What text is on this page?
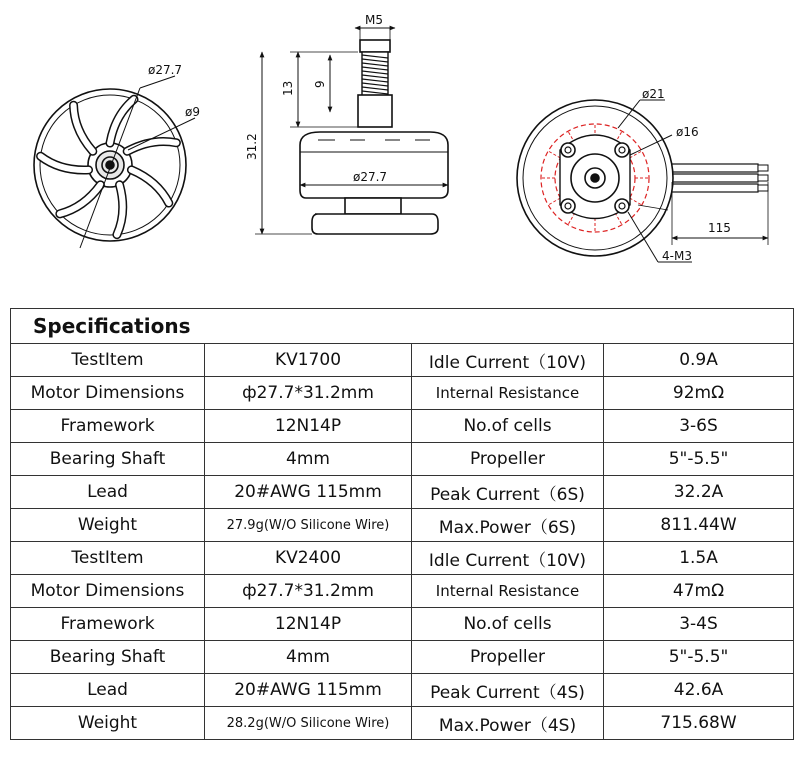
ø27.7
ø9
M5
13 9
31.2
ø27.7
ø21
ø16
115
4-M3
Specifications			
TestItem	KV1700	Idle Current（10V)	0.9A
Motor Dimensions	ф27.7*31.2mm	Internal Resistance	92mΩ
Framework	12N14P	No.of cells	3-6S
Bearing Shaft	4mm	Propeller	5"-5.5"
Lead	20#AWG 115mm	Peak Current（6S)	32.2A
Weight	27.9g(W/O Silicone Wire)	Max.Power（6S)	811.44W
TestItem	KV2400	Idle Current（10V)	1.5A
Motor Dimensions	ф27.7*31.2mm	Internal Resistance	47mΩ
Framework	12N14P	No.of cells	3-4S
Bearing Shaft	4mm	Propeller	5"-5.5"
Lead	20#AWG 115mm	Peak Current（4S)	42.6A
Weight	28.2g(W/O Silicone Wire)	Max.Power（4S)	715.68W
